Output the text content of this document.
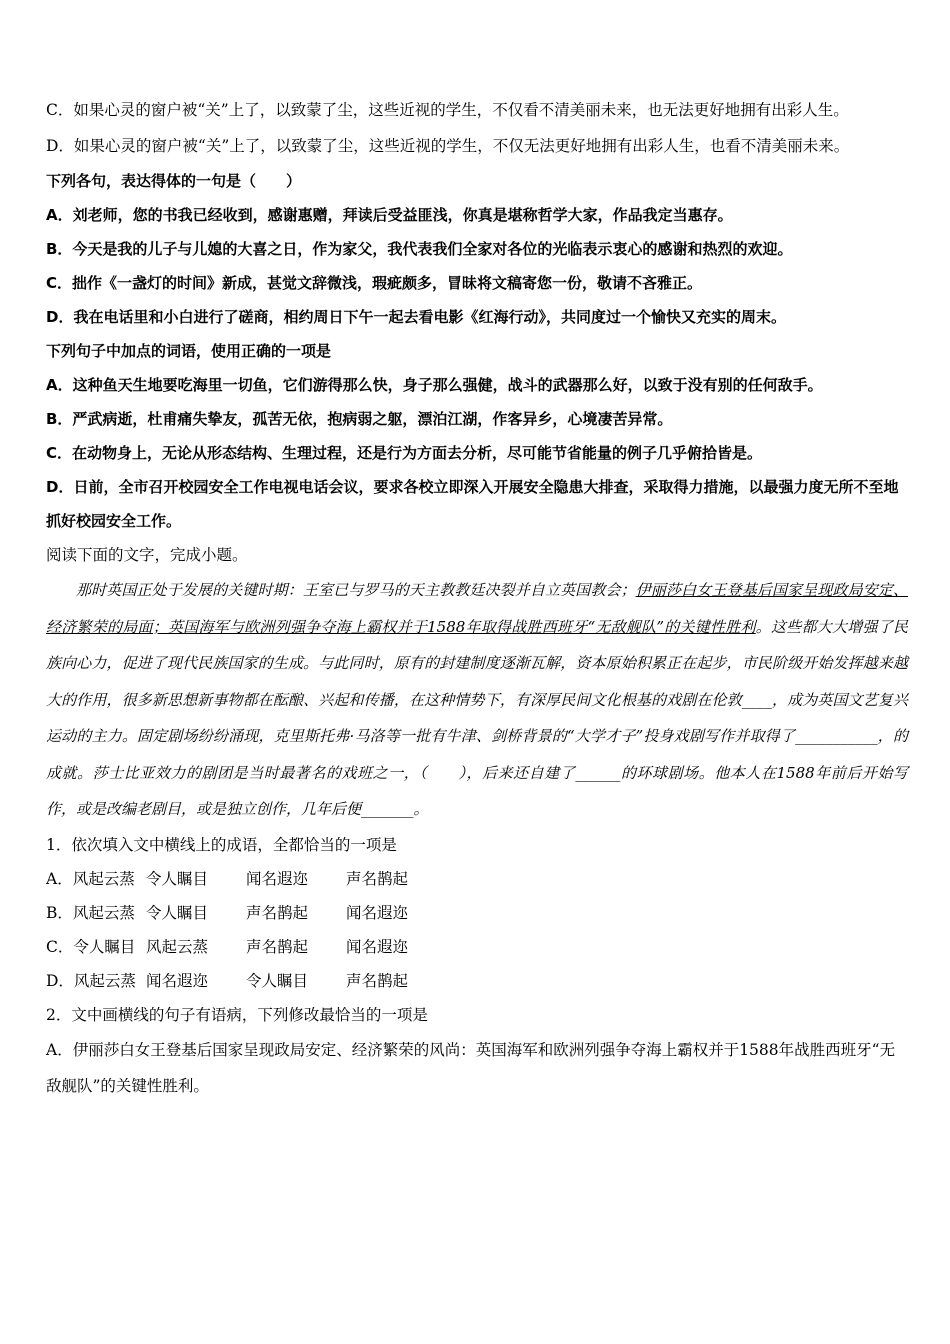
C．如果心灵的窗户被“关”上了，以致蒙了尘，这些近视的学生，不仅看不清美丽未来，也无法更好地拥有出彩人生。
D．如果心灵的窗户被“关”上了，以致蒙了尘，这些近视的学生，不仅无法更好地拥有出彩人生，也看不清美丽未来。
下列各句，表达得体的一句是（　　）
A．刘老师，您的书我已经收到，感谢惠赠，拜读后受益匪浅，你真是堪称哲学大家，作品我定当惠存。
B．今天是我的儿子与儿媳的大喜之日，作为家父，我代表我们全家对各位的光临表示衷心的感谢和热烈的欢迎。
C．拙作《一盏灯的时间》新成，甚觉文辞微浅，瑕疵颇多，冒昧将文稿寄您一份，敬请不吝雅正。
D．我在电话里和小白进行了磋商，相约周日下午一起去看电影《红海行动》，共同度过一个愉快又充实的周末。
下列句子中加点的词语，使用正确的一项是
A．这种鱼天生地要吃海里一切鱼，它们游得那么快，身子那么强健，战斗的武器那么好，以致于没有别的任何敌手。
B．严武病逝，杜甫痛失挚友，孤苦无依，抱病弱之躯，漂泊江湖，作客异乡，心境凄苦异常。
C．在动物身上，无论从形态结构、生理过程，还是行为方面去分析，尽可能节省能量的例子几乎俯拾皆是。
D．日前，全市召开校园安全工作电视电话会议，要求各校立即深入开展安全隐患大排查，采取得力措施，以最强力度无所不至地抓好校园安全工作。
阅读下面的文字，完成小题。
那时英国正处于发展的关键时期：王室已与罗马的天主教教廷决裂并自立英国教会；伊丽莎白女王登基后国家呈现政局安定、经济繁荣的局面；英国海军与欧洲列强争夺海上霸权并于1588年取得战胜西班牙“无敌舰队”的关键性胜利。这些都大大增强了民族向心力，促进了现代民族国家的生成。与此同时，原有的封建制度逐渐瓦解，资本原始积累正在起步，市民阶级开始发挥越来越大的作用，很多新思想新事物都在酝酿、兴起和传播，在这种情势下，有深厚民间文化根基的戏剧在伦敦____，成为英国文艺复兴运动的主力。固定剧场纷纷涌现，克里斯托弗·马洛等一批有牛津、剑桥背景的“大学才子”投身戏剧写作并取得了___________，的成就。莎士比亚效力的剧团是当时最著名的戏班之一，（　　），后来还自建了______的环球剧场。他本人在1588年前后开始写作，或是改编老剧目，或是独立创作，几年后便_______。
1．依次填入文中横线上的成语，全都恰当的一项是
A．风起云蒸 令人瞩目 闻名遐迩 声名鹊起
B．风起云蒸 令人瞩目 声名鹊起 闻名遐迩
C．令人瞩目 风起云蒸 声名鹊起 闻名遐迩
D．风起云蒸 闻名遐迩 令人瞩目 声名鹊起
2．文中画横线的句子有语病，下列修改最恰当的一项是
A．伊丽莎白女王登基后国家呈现政局安定、经济繁荣的风尚：英国海军和欧洲列强争夺海上霸权并于1588年战胜西班牙“无敌舰队”的关键性胜利。
